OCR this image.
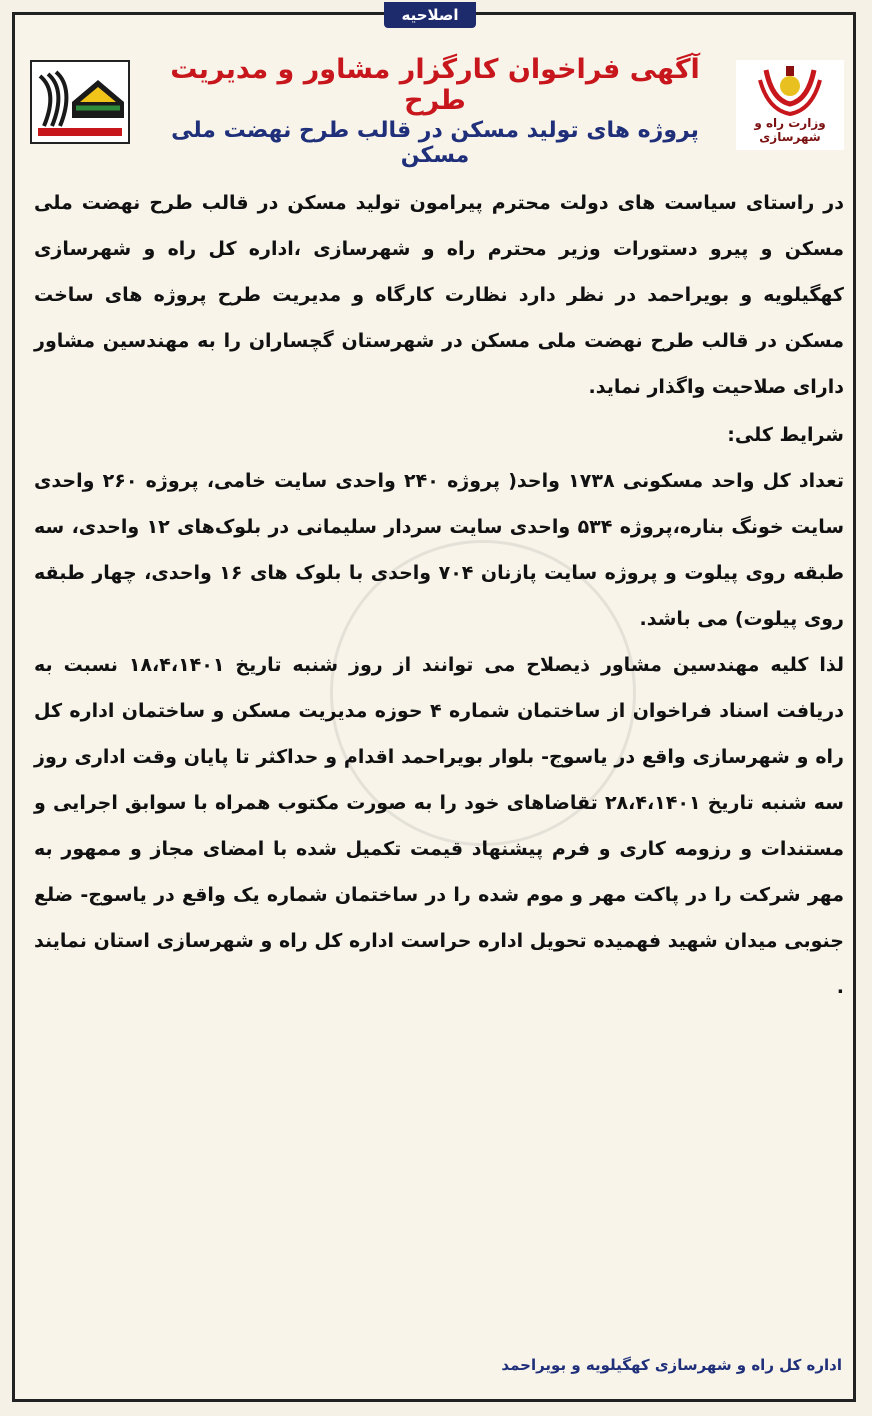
اصلاحیه
وزارت راه و شهرسازی
آگهی فراخوان کارگزار مشاور و مدیریت طرح
پروژه های تولید مسکن در قالب طرح نهضت ملی مسکن

در راستای سیاست های دولت محترم پیرامون تولید مسکن در قالب طرح نهضت ملی مسکن و پیرو دستورات وزیر محترم راه و شهرسازی ،اداره کل راه و شهرسازی کهگیلویه و بویراحمد در نظر دارد نظارت کارگاه و مدیریت طرح پروژه های ساخت مسکن در قالب طرح نهضت ملی مسکن در شهرستان گچساران را به مهندسین مشاور دارای صلاحیت واگذار نماید.

شرایط کلی:

تعداد کل واحد مسکونی ۱۷۳۸ واحد( پروژه ۲۴۰ واحدی سایت خامی، پروژه ۲۶۰ واحدی سایت خونگ بناره،پروژه ۵۳۴ واحدی سایت سردار سلیمانی در بلوک‌های ۱۲ واحدی، سه طبقه روی پیلوت و پروژه سایت پازنان ۷۰۴ واحدی با بلوک های ۱۶ واحدی، چهار طبقه روی پیلوت) می باشد.

لذا کلیه مهندسین مشاور ذیصلاح می توانند از روز شنبه تاریخ ۱۸،۴،۱۴۰۱ نسبت به دریافت اسناد فراخوان از ساختمان شماره ۴ حوزه مدیریت مسکن و ساختمان اداره کل راه و شهرسازی واقع در یاسوج- بلوار بویراحمد اقدام و حداکثر تا پایان وقت اداری روز سه شنبه تاریخ ۲۸،۴،۱۴۰۱ تقاضاهای خود را به صورت مکتوب همراه با سوابق اجرایی و مستندات و رزومه کاری و فرم پیشنهاد قیمت تکمیل شده با امضای مجاز و ممهور به مهر شرکت را در پاکت مهر و موم شده را در ساختمان شماره یک واقع در یاسوج- ضلع جنوبی میدان شهید فهمیده تحویل اداره حراست اداره کل راه و شهرسازی استان نمایند .

اداره کل راه و شهرسازی کهگیلویه و بویراحمد
